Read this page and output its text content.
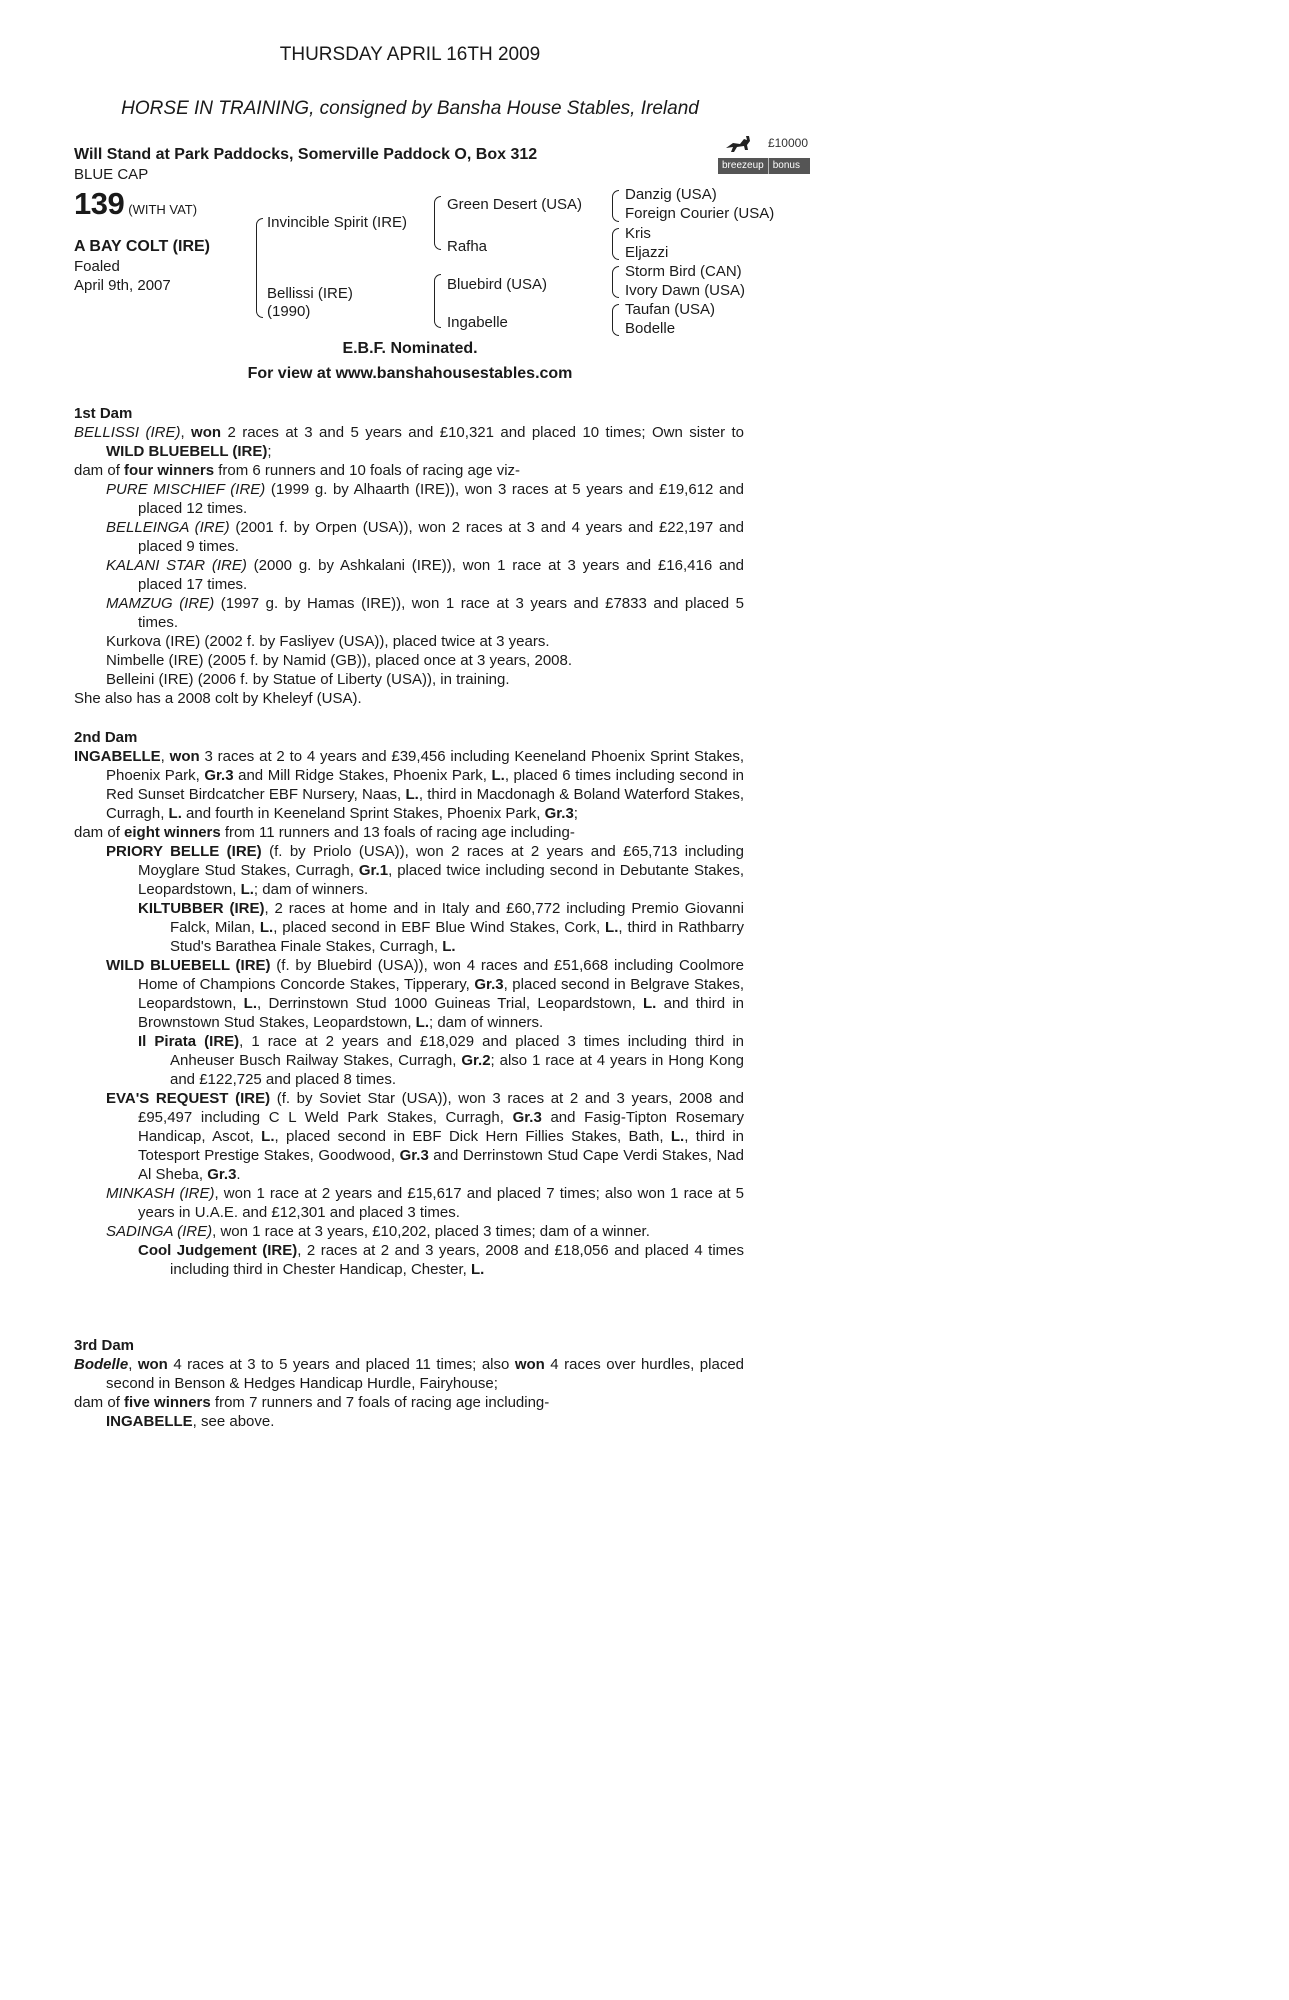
THURSDAY APRIL 16TH 2009
HORSE IN TRAINING, consigned by Bansha House Stables, Ireland
Will Stand at Park Paddocks, Somerville Paddock O, Box 312
BLUE CAP
£10000
breezeup bonus
139 (WITH VAT)
A BAY COLT (IRE)
Foaled
April 9th, 2007
Invincible Spirit (IRE)
Bellissi (IRE)
(1990)
Green Desert (USA)
Rafha
Bluebird (USA)
Ingabelle
Danzig (USA)
Foreign Courier (USA)
Kris
Eljazzi
Storm Bird (CAN)
Ivory Dawn (USA)
Taufan (USA)
Bodelle
E.B.F. Nominated.
For view at www.banshahousestables.com

1st Dam

BELLISSI (IRE), won 2 races at 3 and 5 years and £10,321 and placed 10 times; Own sister to WILD BLUEBELL (IRE);

dam of four winners from 6 runners and 10 foals of racing age viz-

PURE MISCHIEF (IRE) (1999 g. by Alhaarth (IRE)), won 3 races at 5 years and £19,612 and placed 12 times.

BELLEINGA (IRE) (2001 f. by Orpen (USA)), won 2 races at 3 and 4 years and £22,197 and placed 9 times.

KALANI STAR (IRE) (2000 g. by Ashkalani (IRE)), won 1 race at 3 years and £16,416 and placed 17 times.

MAMZUG (IRE) (1997 g. by Hamas (IRE)), won 1 race at 3 years and £7833 and placed 5 times.

Kurkova (IRE) (2002 f. by Fasliyev (USA)), placed twice at 3 years.

Nimbelle (IRE) (2005 f. by Namid (GB)), placed once at 3 years, 2008.

Belleini (IRE) (2006 f. by Statue of Liberty (USA)), in training.

She also has a 2008 colt by Kheleyf (USA).

2nd Dam

INGABELLE, won 3 races at 2 to 4 years and £39,456 including Keeneland Phoenix Sprint Stakes, Phoenix Park, Gr.3 and Mill Ridge Stakes, Phoenix Park, L., placed 6 times including second in Red Sunset Birdcatcher EBF Nursery, Naas, L., third in Macdonagh & Boland Waterford Stakes, Curragh, L. and fourth in Keeneland Sprint Stakes, Phoenix Park, Gr.3;

dam of eight winners from 11 runners and 13 foals of racing age including-

PRIORY BELLE (IRE) (f. by Priolo (USA)), won 2 races at 2 years and £65,713 including Moyglare Stud Stakes, Curragh, Gr.1, placed twice including second in Debutante Stakes, Leopardstown, L.; dam of winners.

KILTUBBER (IRE), 2 races at home and in Italy and £60,772 including Premio Giovanni Falck, Milan, L., placed second in EBF Blue Wind Stakes, Cork, L., third in Rathbarry Stud's Barathea Finale Stakes, Curragh, L.

WILD BLUEBELL (IRE) (f. by Bluebird (USA)), won 4 races and £51,668 including Coolmore Home of Champions Concorde Stakes, Tipperary, Gr.3, placed second in Belgrave Stakes, Leopardstown, L., Derrinstown Stud 1000 Guineas Trial, Leopardstown, L. and third in Brownstown Stud Stakes, Leopardstown, L.; dam of winners.

Il Pirata (IRE), 1 race at 2 years and £18,029 and placed 3 times including third in Anheuser Busch Railway Stakes, Curragh, Gr.2; also 1 race at 4 years in Hong Kong and £122,725 and placed 8 times.

EVA'S REQUEST (IRE) (f. by Soviet Star (USA)), won 3 races at 2 and 3 years, 2008 and £95,497 including C L Weld Park Stakes, Curragh, Gr.3 and Fasig-Tipton Rosemary Handicap, Ascot, L., placed second in EBF Dick Hern Fillies Stakes, Bath, L., third in Totesport Prestige Stakes, Goodwood, Gr.3 and Derrinstown Stud Cape Verdi Stakes, Nad Al Sheba, Gr.3.

MINKASH (IRE), won 1 race at 2 years and £15,617 and placed 7 times; also won 1 race at 5 years in U.A.E. and £12,301 and placed 3 times.

SADINGA (IRE), won 1 race at 3 years, £10,202, placed 3 times; dam of a winner.

Cool Judgement (IRE), 2 races at 2 and 3 years, 2008 and £18,056 and placed 4 times including third in Chester Handicap, Chester, L.

3rd Dam

Bodelle, won 4 races at 3 to 5 years and placed 11 times; also won 4 races over hurdles, placed second in Benson & Hedges Handicap Hurdle, Fairyhouse;

dam of five winners from 7 runners and 7 foals of racing age including-

INGABELLE, see above.
